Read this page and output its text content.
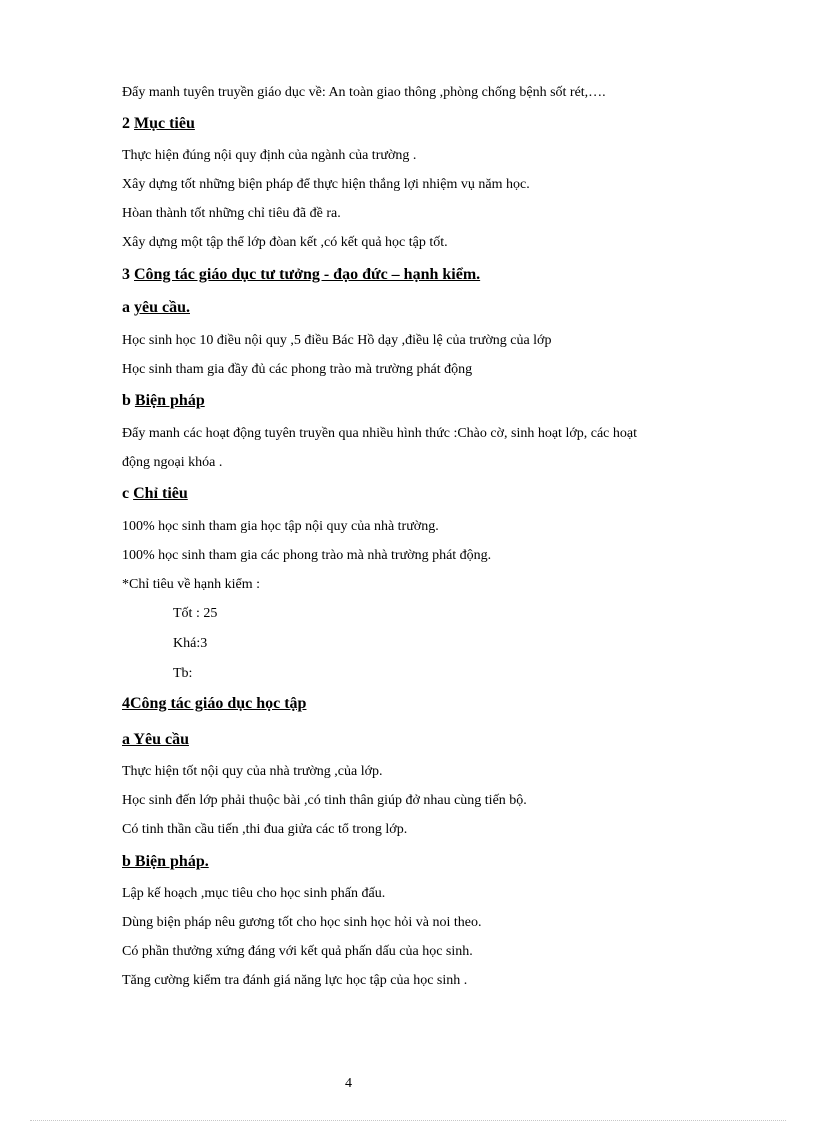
Đẩy manh tuyên truyền giáo dục về: An toàn giao thông ,phòng chống bệnh sốt rét,….
2 Mục tiêu
Thực hiện đúng nội quy định của ngành của trường .
Xây dựng tốt những biện pháp để thực hiện thắng lợi nhiệm vụ năm học.
Hòan thành tốt những chỉ tiêu đã đề ra.
Xây dựng một tập thể lớp đòan kết ,có kết quả học tập tốt.
3 Công tác giáo dục tư tưởng - đạo đức – hạnh kiểm.
a yêu cầu.
Học sinh học 10 điều nội quy ,5 điều Bác Hồ dạy ,điều lệ của trường của lớp
Học sinh tham gia đầy đủ các phong trào mà trường phát động
b Biện pháp
Đẩy manh các hoạt động tuyên truyền qua nhiều hình thức :Chào cờ, sinh hoạt lớp, các hoạt
động ngoại khóa .
c Chỉ tiêu
100% học sinh tham gia học tập nội quy của nhà trường.
100% học sinh tham gia các phong trào mà nhà trường phát động.
*Chỉ tiêu về hạnh kiểm :
Tốt : 25
Khá:3
Tb:
4Công tác giáo dục học tập
a Yêu cầu
Thực hiện tốt nội quy của nhà trường ,của lớp.
Học sinh đến lớp phải thuộc bài ,có tinh thân giúp đở nhau cùng tiến bộ.
Có tinh thần cầu tiến ,thi đua giửa các tổ trong lớp.
b Biện pháp.
Lập kế hoạch ,mục tiêu cho học sinh phấn đấu.
Dùng biện pháp nêu gương tốt cho học sinh học hỏi và noi theo.
Có phần thưởng xứng đáng với kết quả phấn dấu của học sinh.
Tăng cường kiểm tra đánh giá năng lực học tập của học sinh .
4
